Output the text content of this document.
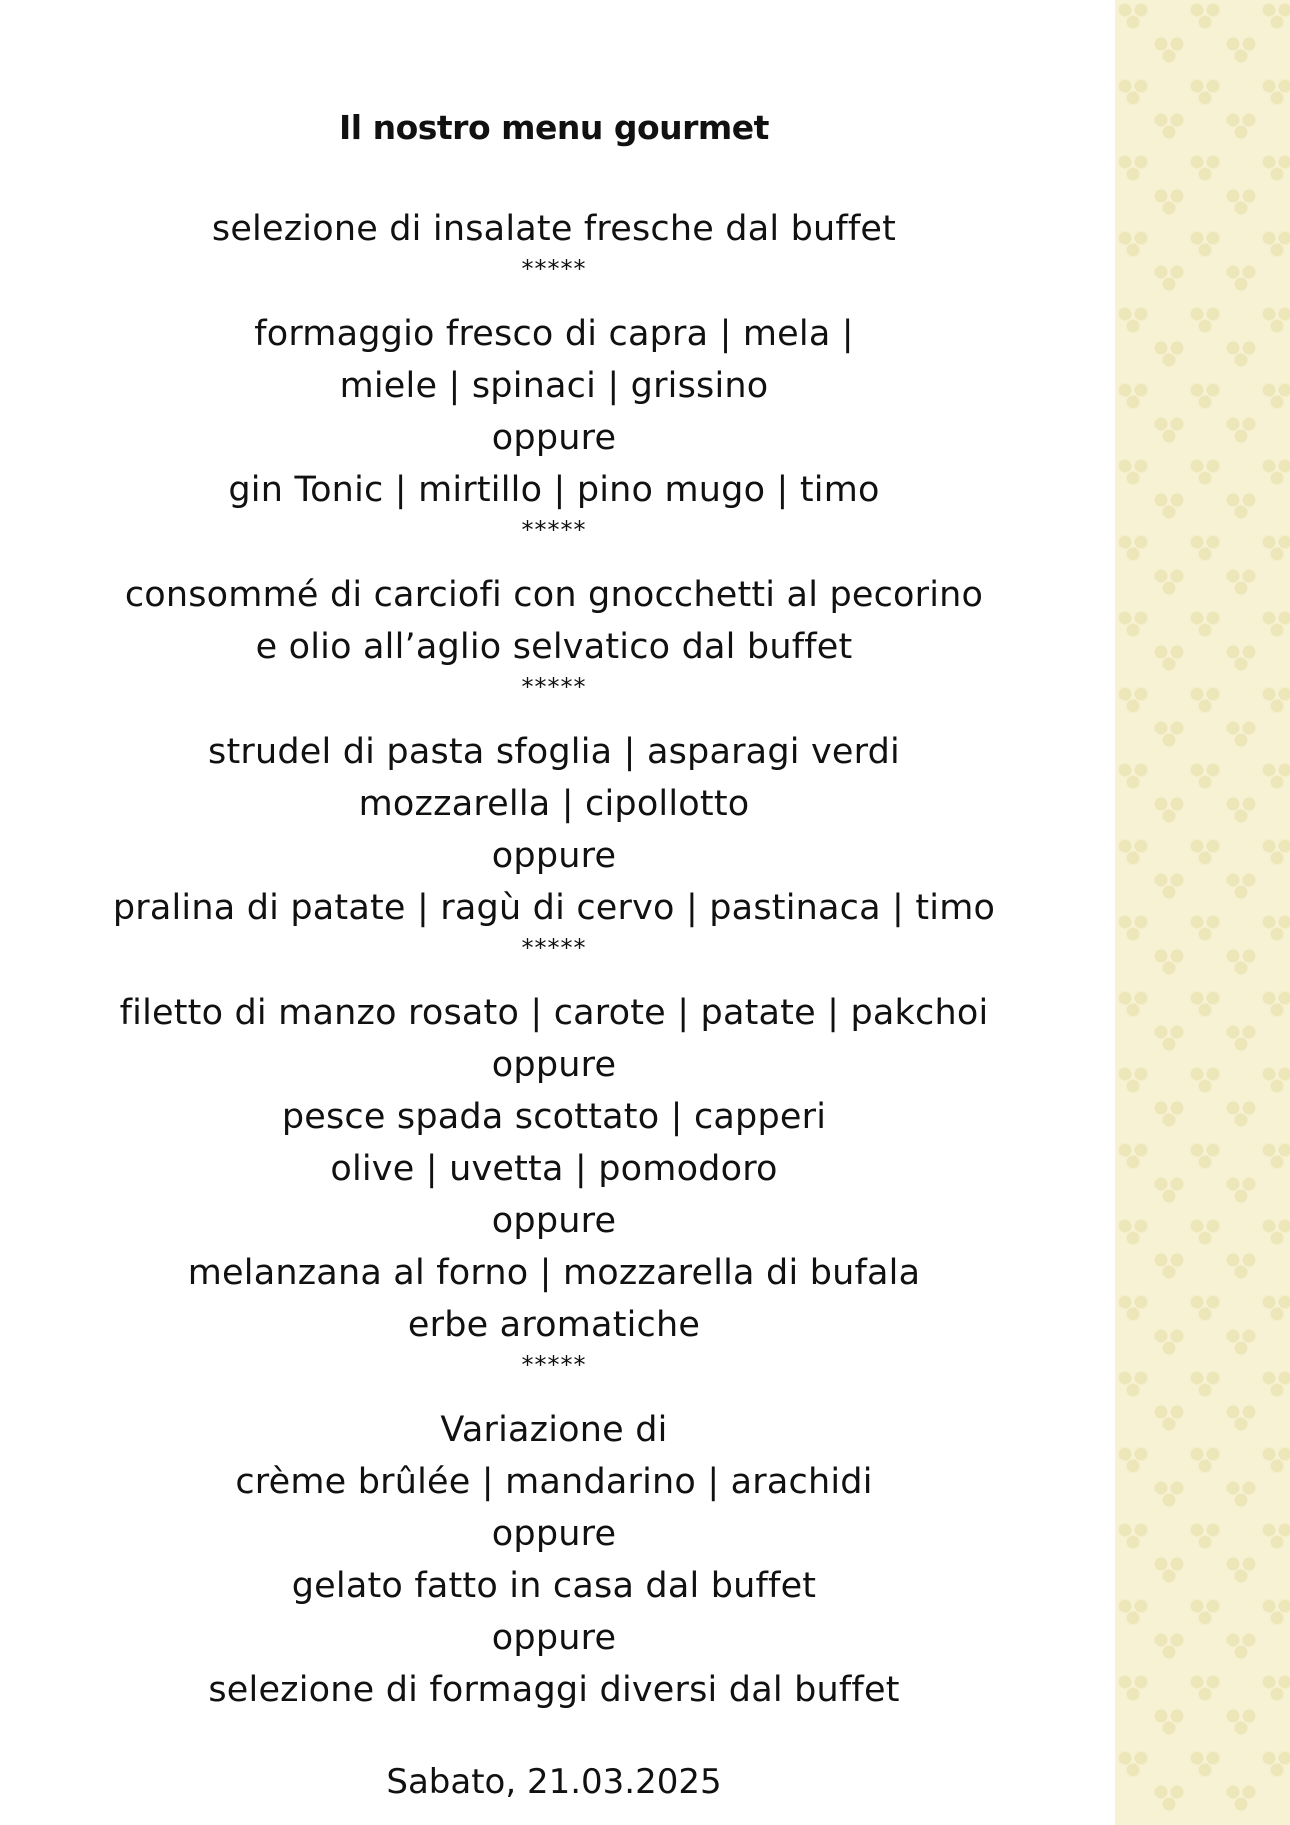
Il nostro menu gourmet
selezione di insalate fresche dal buffet
*****
formaggio fresco di capra | mela |
miele | spinaci | grissino
oppure
gin Tonic | mirtillo | pino mugo | timo
*****
consommé di carciofi con gnocchetti al pecorino
e olio all’aglio selvatico dal buffet
*****
strudel di pasta sfoglia | asparagi verdi
mozzarella | cipollotto
oppure
pralina di patate | ragù di cervo | pastinaca | timo
*****
filetto di manzo rosato | carote | patate | pakchoi
oppure
pesce spada scottato | capperi
olive | uvetta | pomodoro
oppure
melanzana al forno | mozzarella di bufala
erbe aromatiche
*****
Variazione di
crème brûlée | mandarino | arachidi
oppure
gelato fatto in casa dal buffet
oppure
selezione di formaggi diversi dal buffet
Sabato, 21.03.2025
